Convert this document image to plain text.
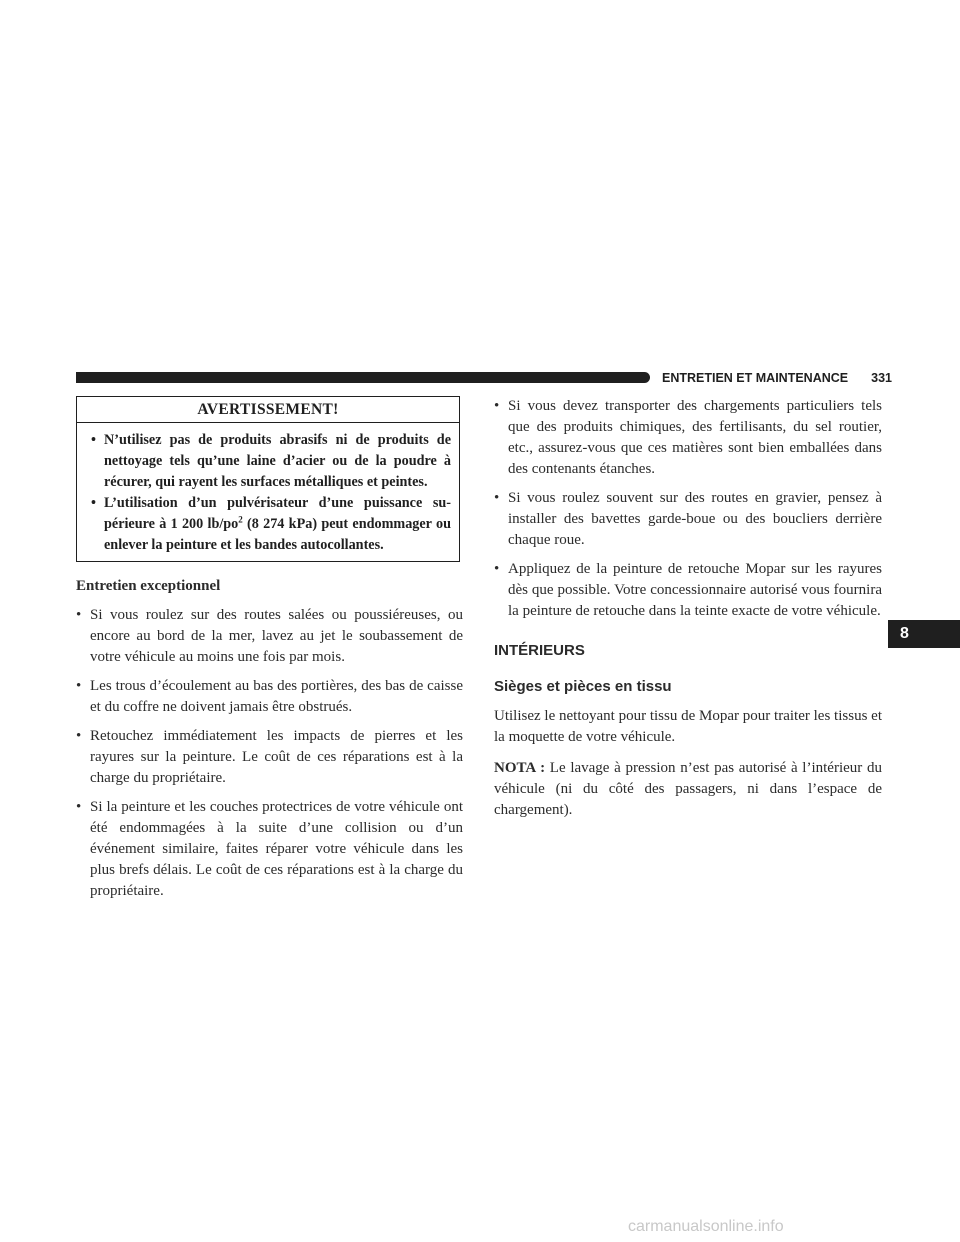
ENTRETIEN ET MAINTENANCE 331
AVERTISSEMENT!
• N’utilisez pas de produits abrasifs ni de produits de nettoyage tels qu’une laine d’acier ou de la poudre à récurer, qui rayent les surfaces métalliques et peintes.
• L’utilisation d’un pulvérisateur d’une puissance supérieure à 1 200 $lb/po^2$ (8 274 kPa) peut endommager ou enlever la peinture et les bandes autocollantes.

Entretien exceptionnel

• Si vous roulez sur des routes salées ou poussiéreuses, ou encore au bord de la mer, lavez au jet le soubassement de votre véhicule au moins une fois par mois.
• Les trous d’écoulement au bas des portières, des bas de caisse et du coffre ne doivent jamais être obstrués.
• Retouchez immédiatement les impacts de pierres et les rayures sur la peinture. Le coût de ces réparations est à la charge du propriétaire.
• Si la peinture et les couches protectrices de votre véhicule ont été endommagées à la suite d’une collision ou d’un événement similaire, faites réparer votre véhicule dans les plus brefs délais. Le coût de ces réparations est à la charge du propriétaire.
• Si vous devez transporter des chargements particuliers tels que des produits chimiques, des fertilisants, du sel routier, etc., assurez-vous que ces matières sont bien emballées dans des contenants étanches.
• Si vous roulez souvent sur des routes en gravier, pensez à installer des bavettes garde-boue ou des boucliers derrière chaque roue.
• Appliquez de la peinture de retouche Mopar sur les rayures dès que possible. Votre concessionnaire autorisé vous fournira la peinture de retouche dans la teinte exacte de votre véhicule.
INTÉRIEURS
Sièges et pièces en tissu

Utilisez le nettoyant pour tissu de Mopar pour traiter les tissus et la moquette de votre véhicule.

NOTA : Le lavage à pression n’est pas autorisé à l’intérieur du véhicule (ni du côté des passagers, ni dans l’espace de chargement).

8
carmanualsonline.info
